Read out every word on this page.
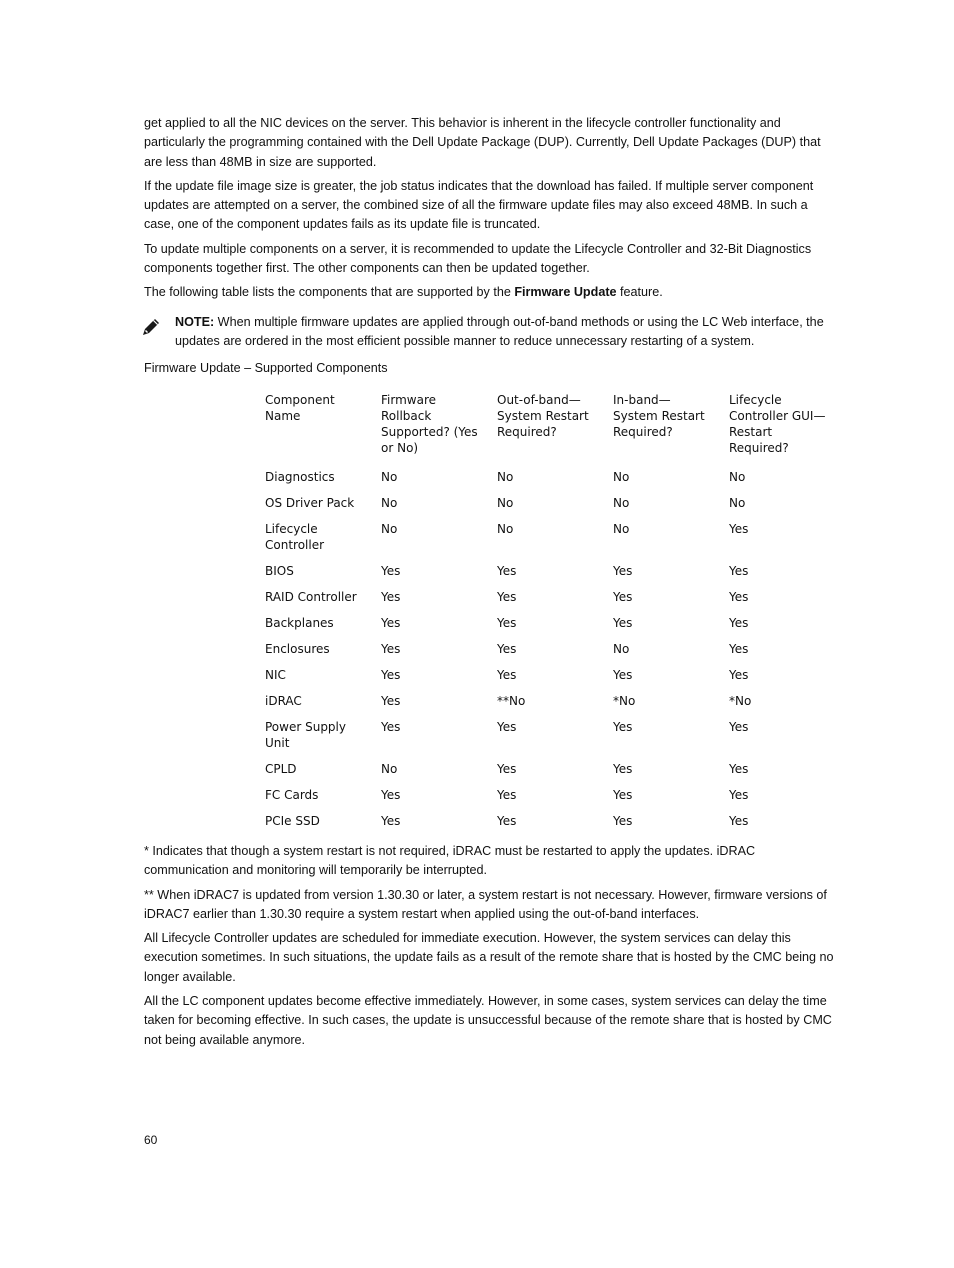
get applied to all the NIC devices on the server. This behavior is inherent in the lifecycle controller functionality and particularly the programming contained with the Dell Update Package (DUP). Currently, Dell Update Packages (DUP) that are less than 48MB in size are supported.

If the update file image size is greater, the job status indicates that the download has failed. If multiple server component updates are attempted on a server, the combined size of all the firmware update files may also exceed 48MB. In such a case, one of the component updates fails as its update file is truncated.

To update multiple components on a server, it is recommended to update the Lifecycle Controller and 32-Bit Diagnostics components together first. The other components can then be updated together.

The following table lists the components that are supported by the Firmware Update feature.

NOTE: When multiple firmware updates are applied through out-of-band methods or using the LC Web interface, the updates are ordered in the most efficient possible manner to reduce unnecessary restarting of a system.

Firmware Update – Supported Components

Component Name	Firmware Rollback Supported? (Yes or No)	Out-of-band—System Restart Required?	In-band—System Restart Required?	Lifecycle Controller GUI—Restart Required?
Diagnostics	No	No	No	No
OS Driver Pack	No	No	No	No
Lifecycle Controller	No	No	No	Yes
BIOS	Yes	Yes	Yes	Yes
RAID Controller	Yes	Yes	Yes	Yes
Backplanes	Yes	Yes	Yes	Yes
Enclosures	Yes	Yes	No	Yes
NIC	Yes	Yes	Yes	Yes
iDRAC	Yes	**No	*No	*No
Power Supply Unit	Yes	Yes	Yes	Yes
CPLD	No	Yes	Yes	Yes
FC Cards	Yes	Yes	Yes	Yes
PCIe SSD	Yes	Yes	Yes	Yes

* Indicates that though a system restart is not required, iDRAC must be restarted to apply the updates. iDRAC communication and monitoring will temporarily be interrupted.

** When iDRAC7 is updated from version 1.30.30 or later, a system restart is not necessary. However, firmware versions of iDRAC7 earlier than 1.30.30 require a system restart when applied using the out-of-band interfaces.

All Lifecycle Controller updates are scheduled for immediate execution. However, the system services can delay this execution sometimes. In such situations, the update fails as a result of the remote share that is hosted by the CMC being no longer available.

All the LC component updates become effective immediately. However, in some cases, system services can delay the time taken for becoming effective. In such cases, the update is unsuccessful because of the remote share that is hosted by CMC not being available anymore.

60
